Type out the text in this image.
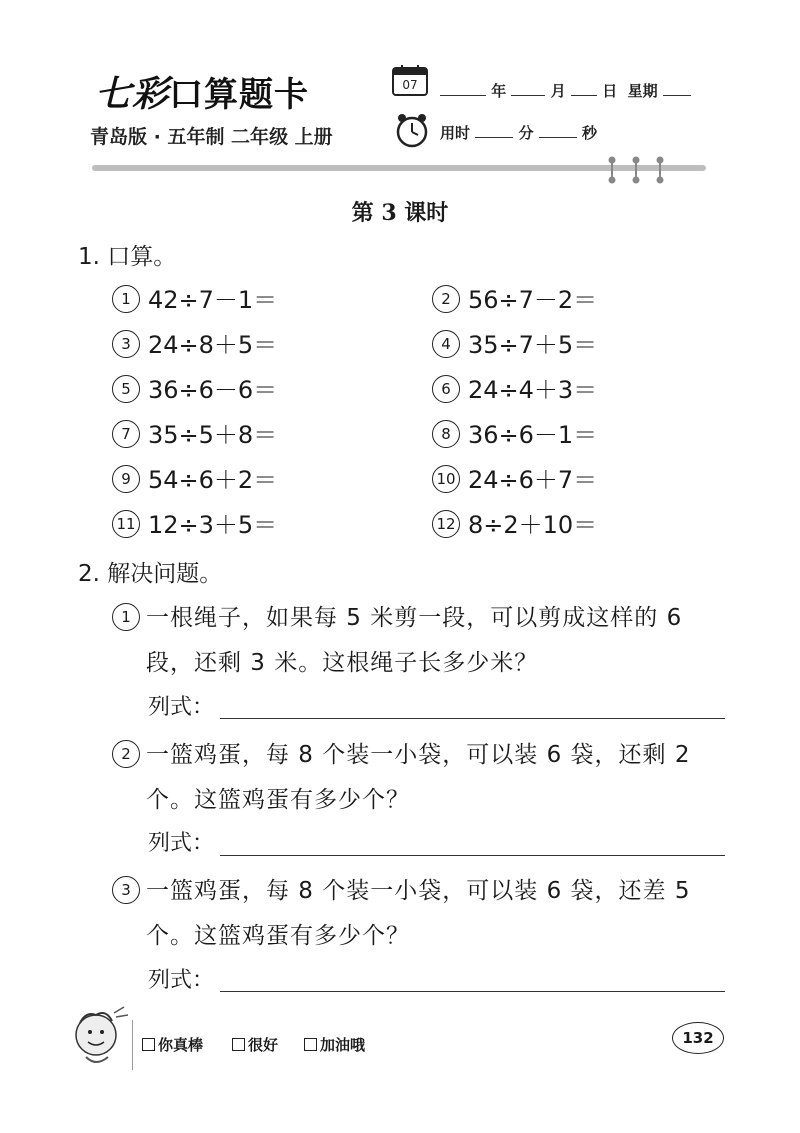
七彩口算题卡
青岛版 · 五年制 二年级 上册
07	年	月 日 星期
用时	分	秒
第 3 课时
1. 口算。
1 42÷7－1＝	2 56÷7－2＝
3 24÷8＋5＝	4 35÷7＋5＝
5 36÷6－6＝	6 24÷4＋3＝
7 35÷5＋8＝	8 36÷6－1＝
9 54÷6＋2＝	10 24÷6＋7＝
11 12÷3＋5＝	12 8÷2＋10＝
2. 解决问题。
1 一根绳子，如果每 5 米剪一段，可以剪成这样的 6 段，还剩 3 米。这根绳子长多少米？
列式：
2 一篮鸡蛋，每 8 个装一小袋，可以装 6 袋，还剩 2 个。这篮鸡蛋有多少个？
列式：
3 一篮鸡蛋，每 8 个装一小袋，可以装 6 袋，还差 5 个。这篮鸡蛋有多少个？
列式：
你真棒	很好	加油哦	132
